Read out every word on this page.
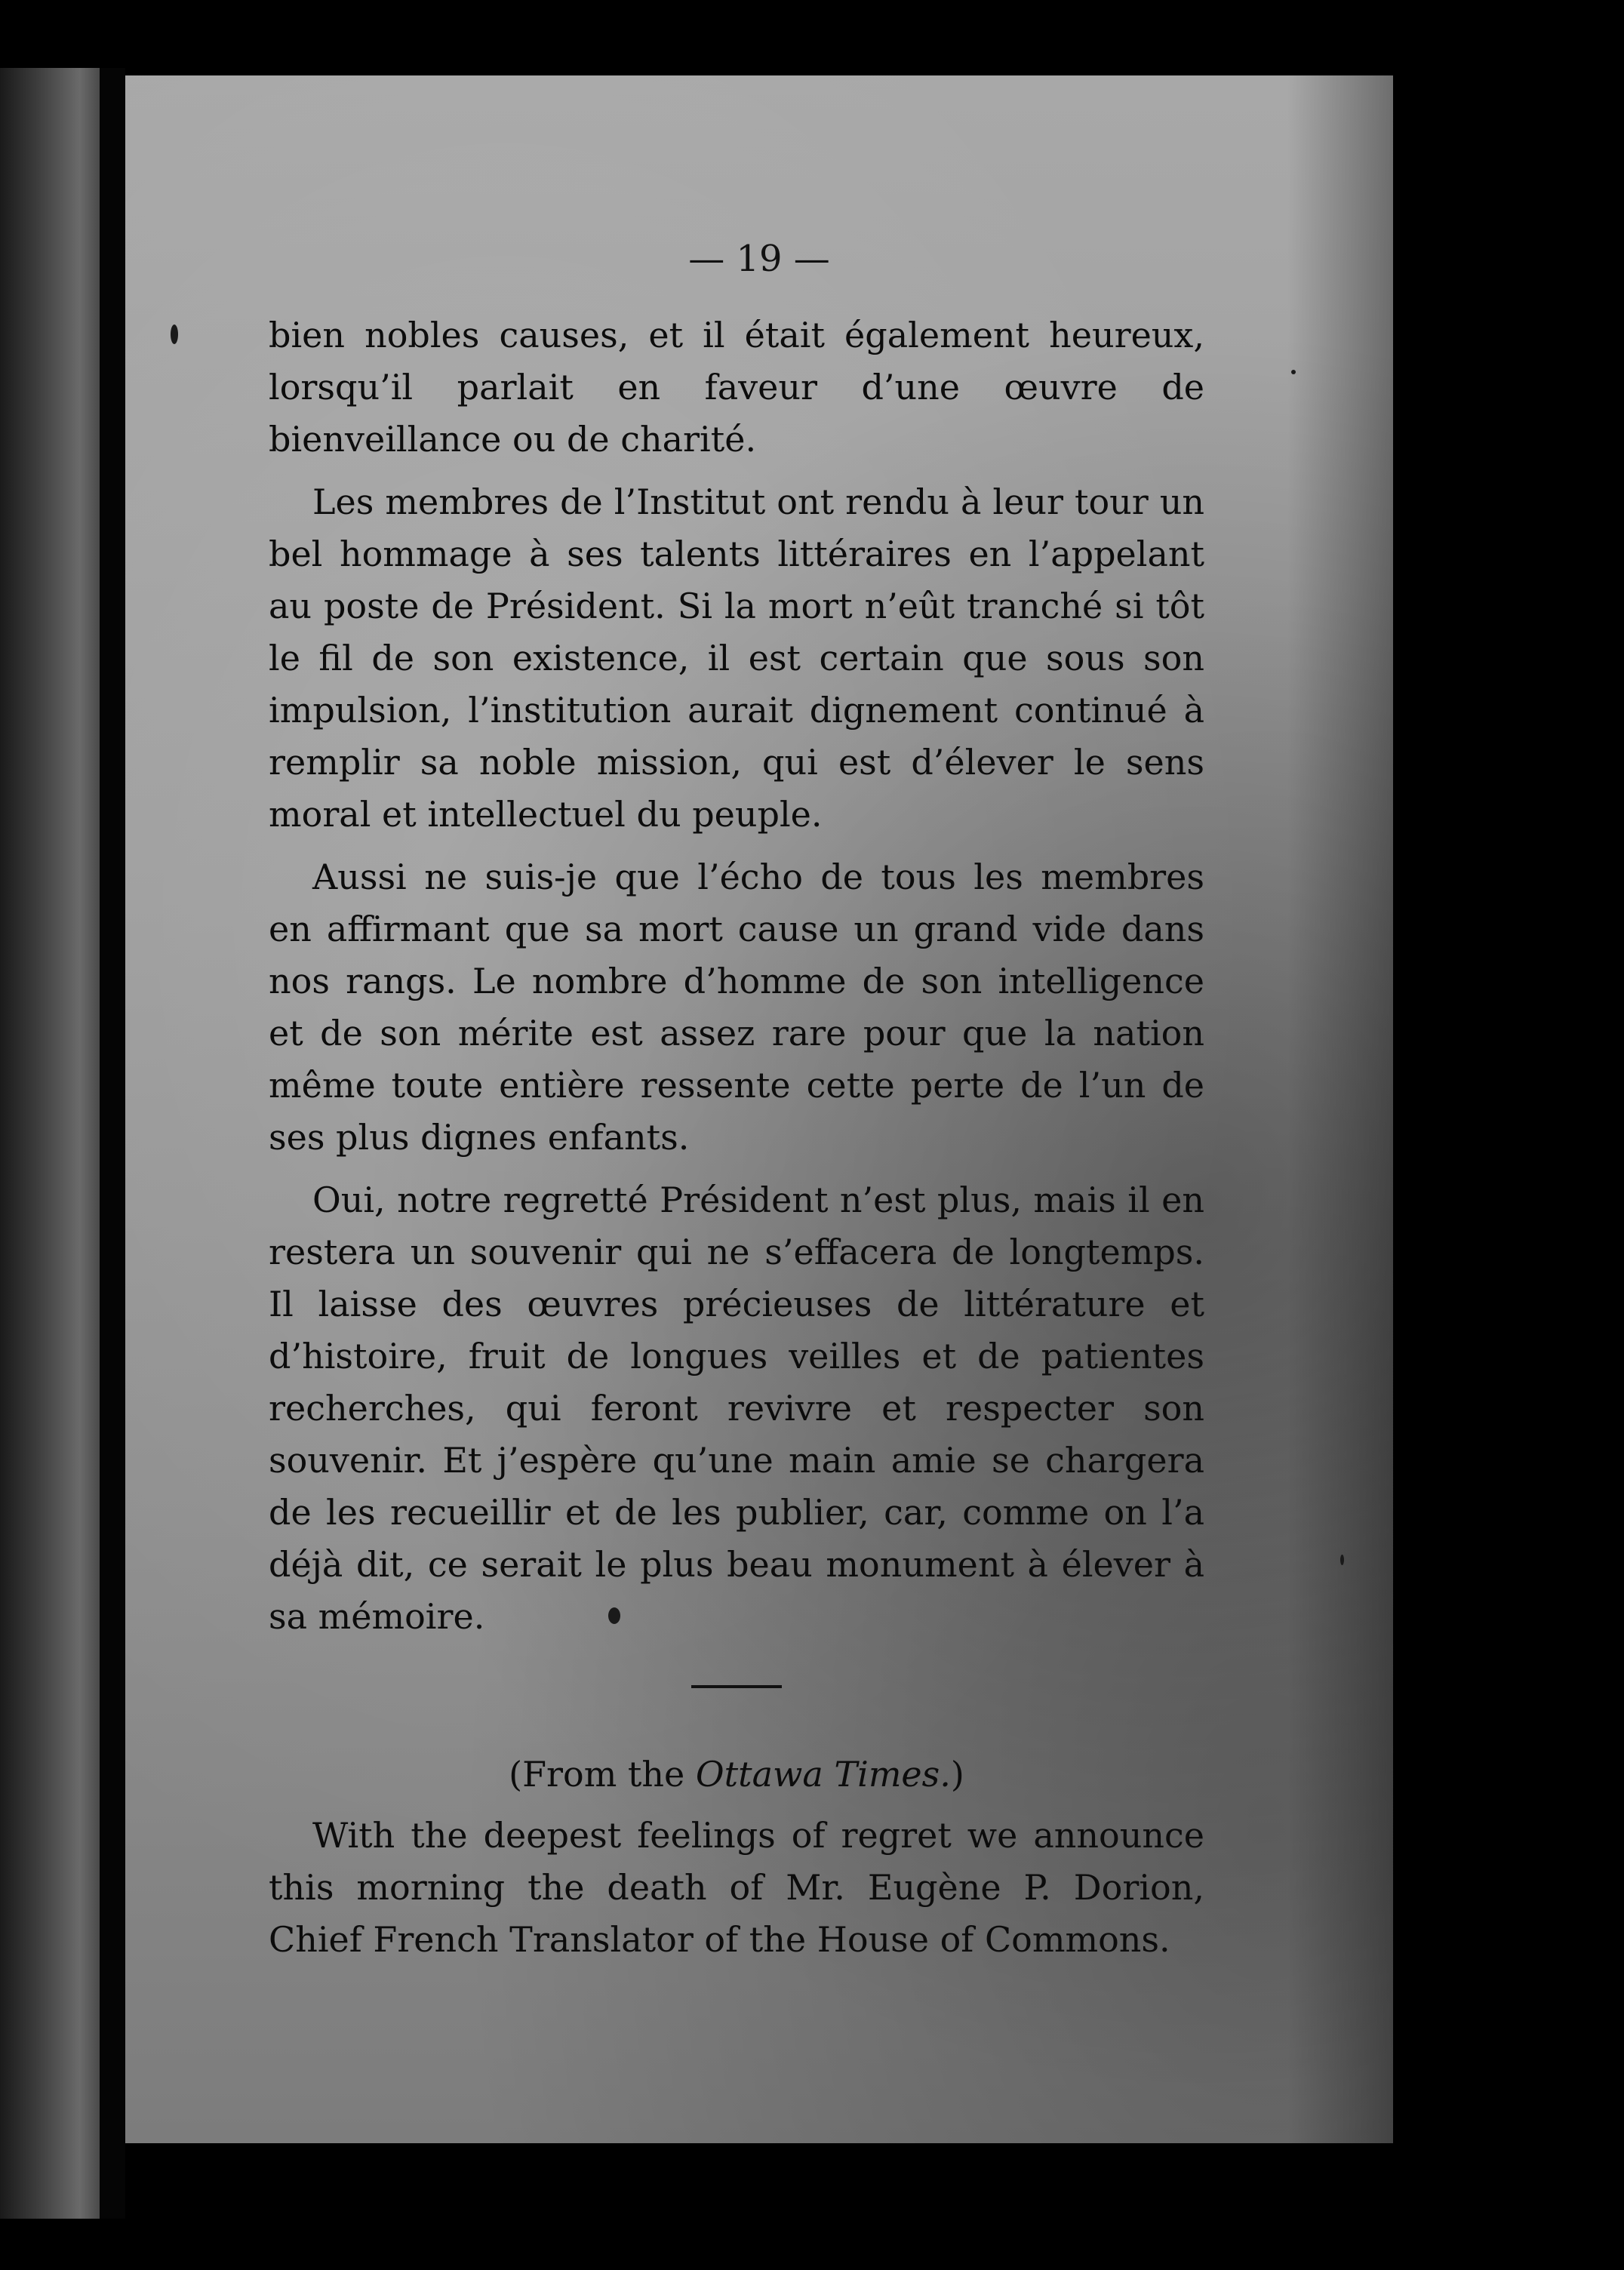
— 19 —

bien nobles causes, et il était également heureux, lorsqu’il parlait en faveur d’une œuvre de bienveillance ou de charité.

Les membres de l’Institut ont rendu à leur tour un bel hommage à ses talents littéraires en l’appelant au poste de Président. Si la mort n’eût tranché si tôt le fil de son existence, il est certain que sous son impulsion, l’institution aurait dignement continué à remplir sa noble mission, qui est d’élever le sens moral et intellectuel du peuple.

Aussi ne suis-je que l’écho de tous les membres en affirmant que sa mort cause un grand vide dans nos rangs. Le nombre d’homme de son intelligence et de son mérite est assez rare pour que la nation même toute entière ressente cette perte de l’un de ses plus dignes enfants.

Oui, notre regretté Président n’est plus, mais il en restera un souvenir qui ne s’effacera de longtemps. Il laisse des œuvres précieuses de littérature et d’histoire, fruit de longues veilles et de patientes recherches, qui feront revivre et respecter son souvenir. Et j’espère qu’une main amie se chargera de les recueillir et de les publier, car, comme on l’a déjà dit, ce serait le plus beau monument à élever à sa mémoire.

(From the Ottawa Times.)

With the deepest feelings of regret we announce this morning the death of Mr. Eugène P. Dorion, Chief French Translator of the House of Commons.
